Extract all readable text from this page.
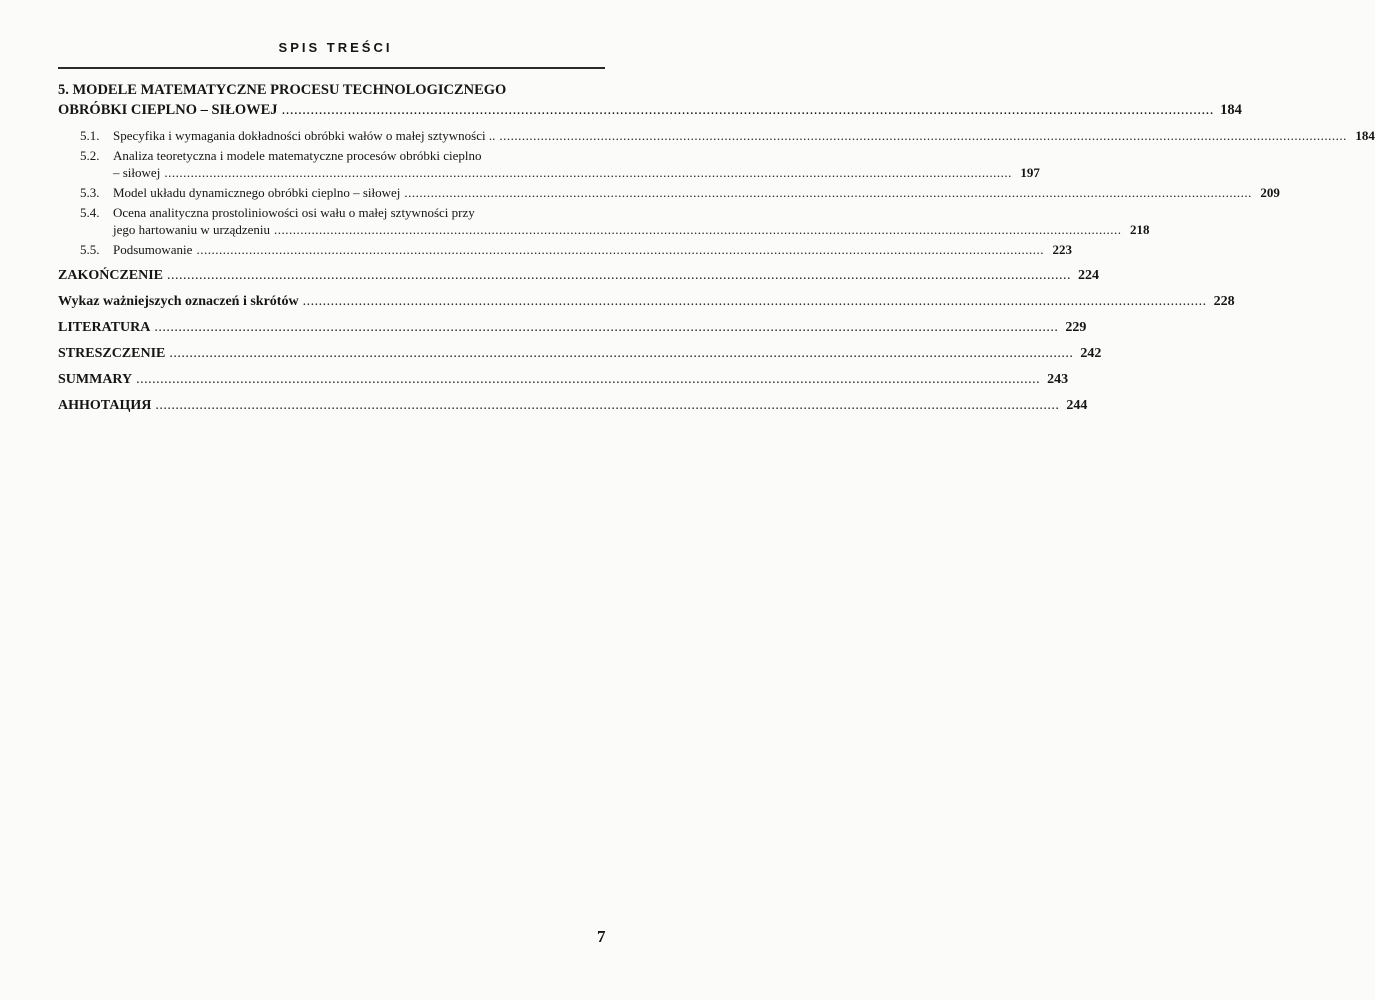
SPIS TREŚCI
5. MODELE MATEMATYCZNE PROCESU TECHNOLOGICZNEGO
OBRÓBKI CIEPLNO – SIŁOWEJ .....	184
5.1.	Specyfika i wymagania dokładności obróbki wałów o małej sztywności .. .....	184
5.2.	Analiza teoretyczna i modele matematyczne procesów obróbki cieplno
– siłowej .....	197
5.3.	Model układu dynamicznego obróbki cieplno – siłowej .....	209
5.4.	Ocena analityczna prostoliniowości osi wału o małej sztywności przy
jego hartowaniu w urządzeniu .....	218
5.5.	Podsumowanie .....	223
ZAKOŃCZENIE .....	224
Wykaz ważniejszych oznaczeń i skrótów .....	228
LITERATURA .....	229
STRESZCZENIE .....	242
SUMMARY .....	243
АННОТАЦИЯ .....	244
7
